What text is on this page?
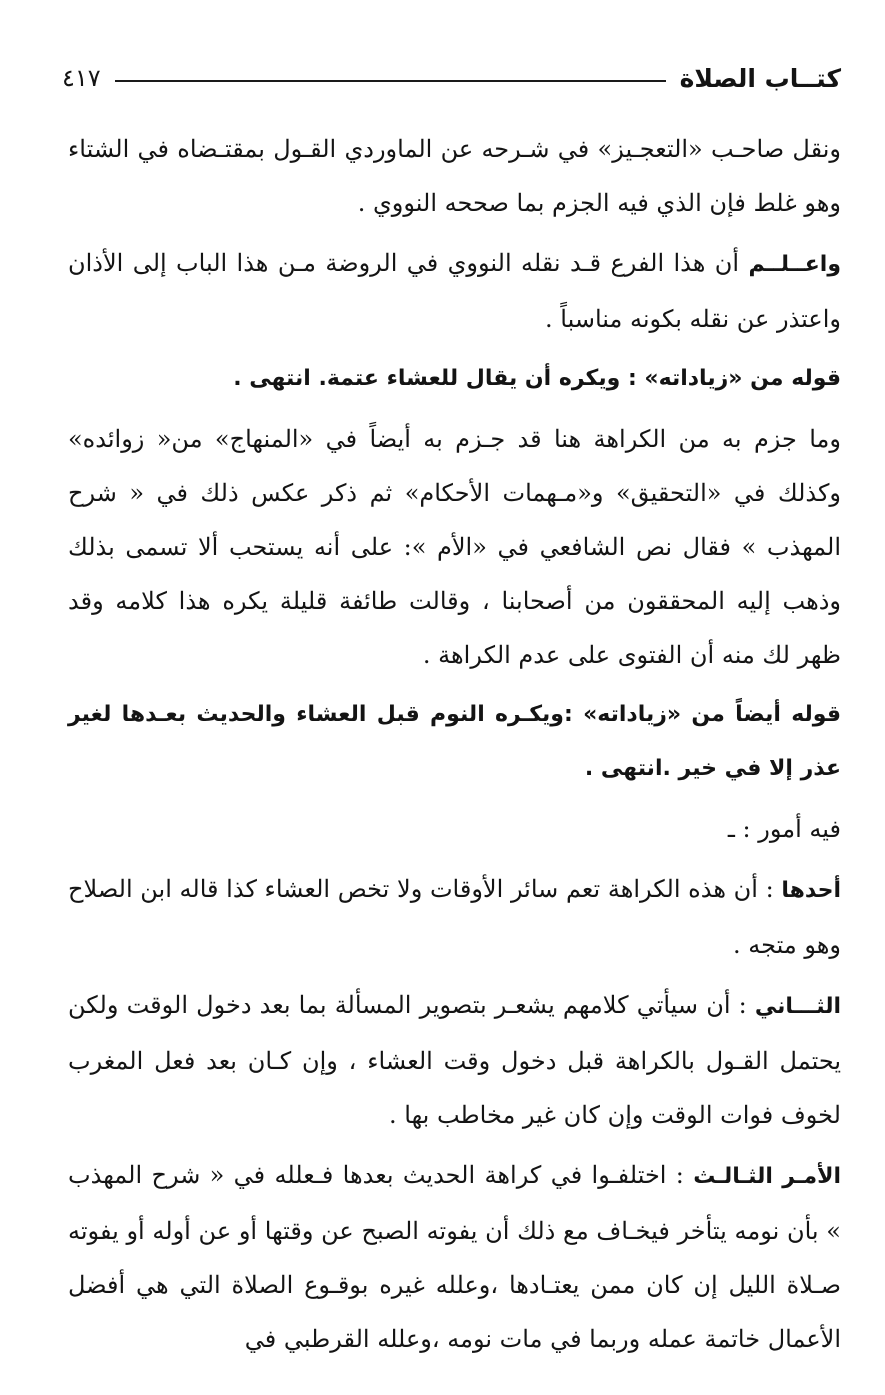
كتــاب الصلاة
٤١٧

ونقل صاحـب «التعجـيز» في شـرحه عن الماوردي القـول بمقتـضاه في الشتاء وهو غلط فإن الذي فيه الجزم بما صححه النووي .

واعــلــم أن هذا الفرع قـد نقله النووي في الروضة مـن هذا الباب إلى الأذان واعتذر عن نقله بكونه مناسباً .

قوله من «زياداته» : ويكره أن يقال للعشاء عتمة. انتهى .

وما جزم به من الكراهة هنا قد جـزم به أيضاً في «المنهاج» من« زوائده» وكذلك في «التحقيق» و«مـهمات الأحكام» ثم ذكر عكس ذلك في « شرح المهذب » فقال نص الشافعي في «الأم »: على أنه يستحب ألا تسمى بذلك وذهب إليه المحققون من أصحابنا ، وقالت طائفة قليلة يكره هذا كلامه وقد ظهر لك منه أن الفتوى على عدم الكراهة .

قوله أيضاً من «زياداته» :ويكـره النوم قبل العشاء والحديث بعـدها لغير عذر إلا في خير .انتهى .

فيه أمور : ـ

أحدها : أن هذه الكراهة تعم سائر الأوقات ولا تخص العشاء كذا قاله ابن الصلاح وهو متجه .

الثـــاني : أن سيأتي كلامهم يشعـر بتصوير المسألة بما بعد دخول الوقت ولكن يحتمل القـول بالكراهة قبل دخول وقت العشاء ، وإن كـان بعد فعل المغرب لخوف فوات الوقت وإن كان غير مخاطب بها .

الأمـر الثـالـث : اختلفـوا في كراهة الحديث بعدها فـعلله في « شرح المهذب » بأن نومه يتأخر فيخـاف مع ذلك أن يفوته الصبح عن وقتها أو عن أوله أو يفوته صـلاة الليل إن كان ممن يعتـادها ،وعلله غيره بوقـوع الصلاة التي هي أفضل الأعمال خاتمة عمله وربما في مات نومه ،وعلله القرطبي في
